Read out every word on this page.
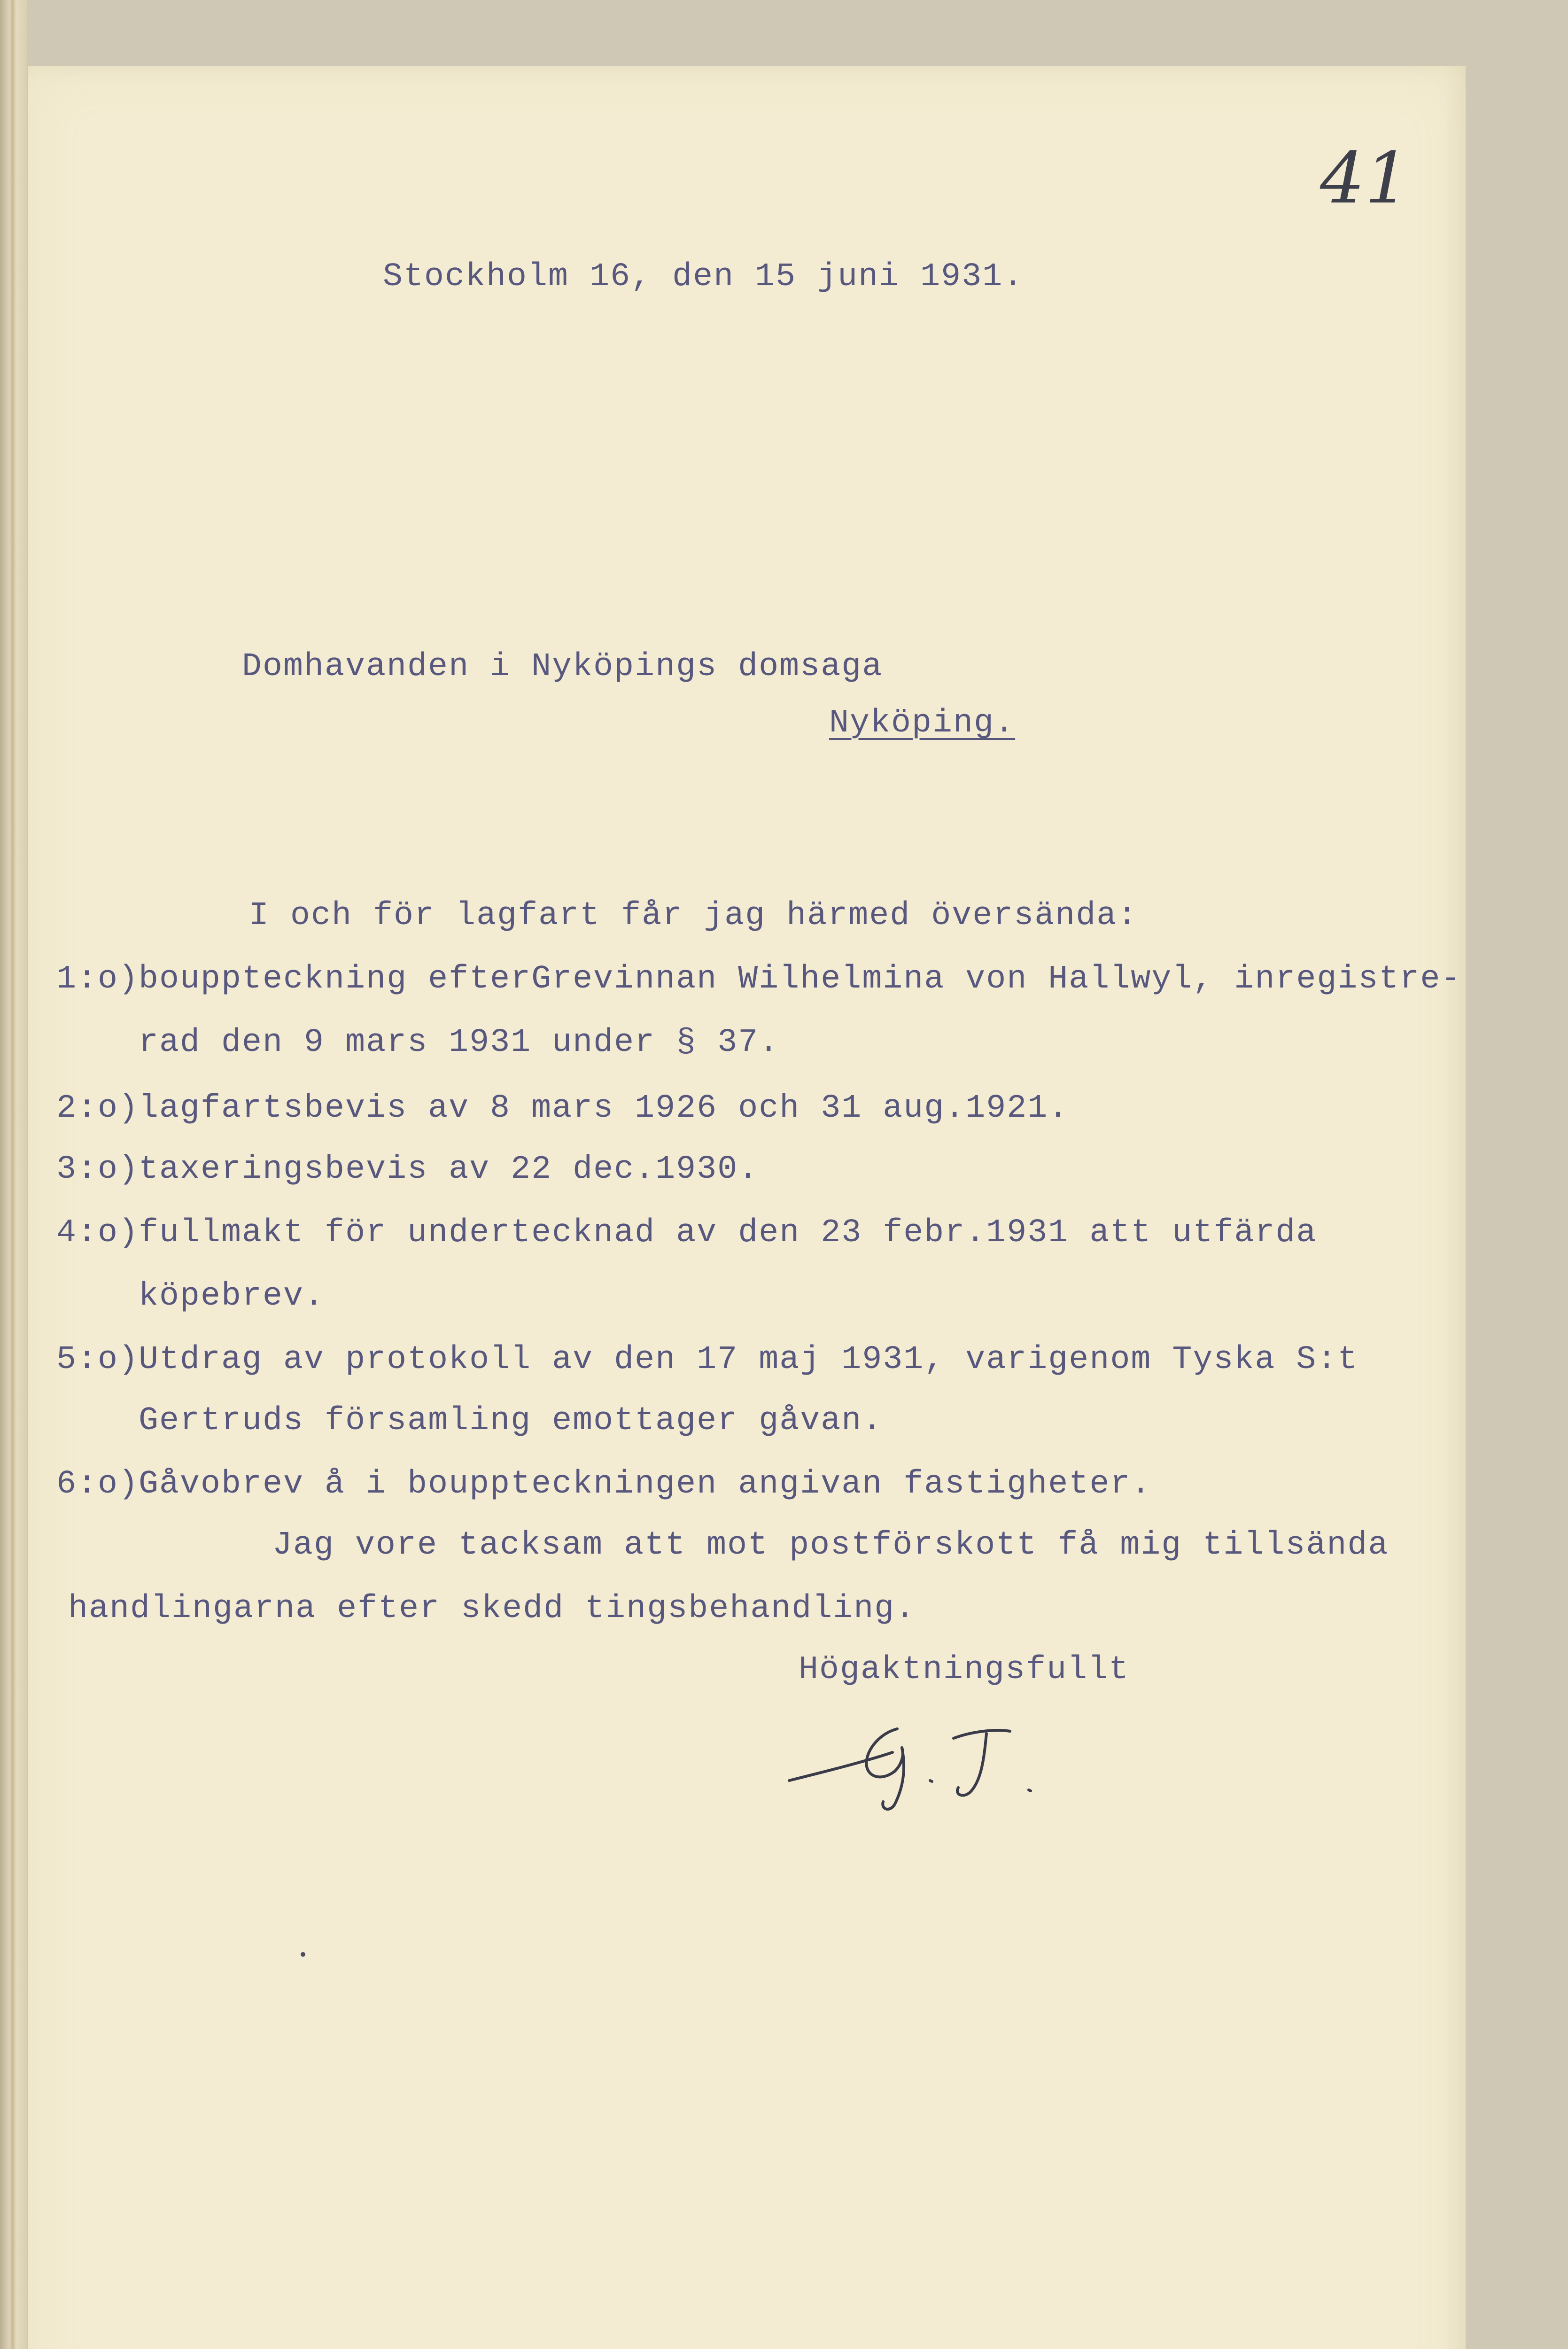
41

Stockholm 16, den 15 juni 1931.

Domhavanden i Nyköpings domsaga

Nyköping.

I och för lagfart får jag härmed översända:

1:o)

bouppteckning efterGrevinnan Wilhelmina von Hallwyl, inregistre-

rad den 9 mars 1931 under § 37.

2:o)

lagfartsbevis av 8 mars 1926 och 31 aug.1921.

3:o)

taxeringsbevis av 22 dec.1930.

4:o)

fullmakt för undertecknad av den 23 febr.1931 att utfärda

köpebrev.

5:o)

Utdrag av protokoll av den 17 maj 1931, varigenom Tyska S:t

Gertruds församling emottager gåvan.

6:o)

Gåvobrev å i bouppteckningen angivan fastigheter.

Jag vore tacksam att mot postförskott få mig tillsända

handlingarna efter skedd tingsbehandling.

Högaktningsfullt
